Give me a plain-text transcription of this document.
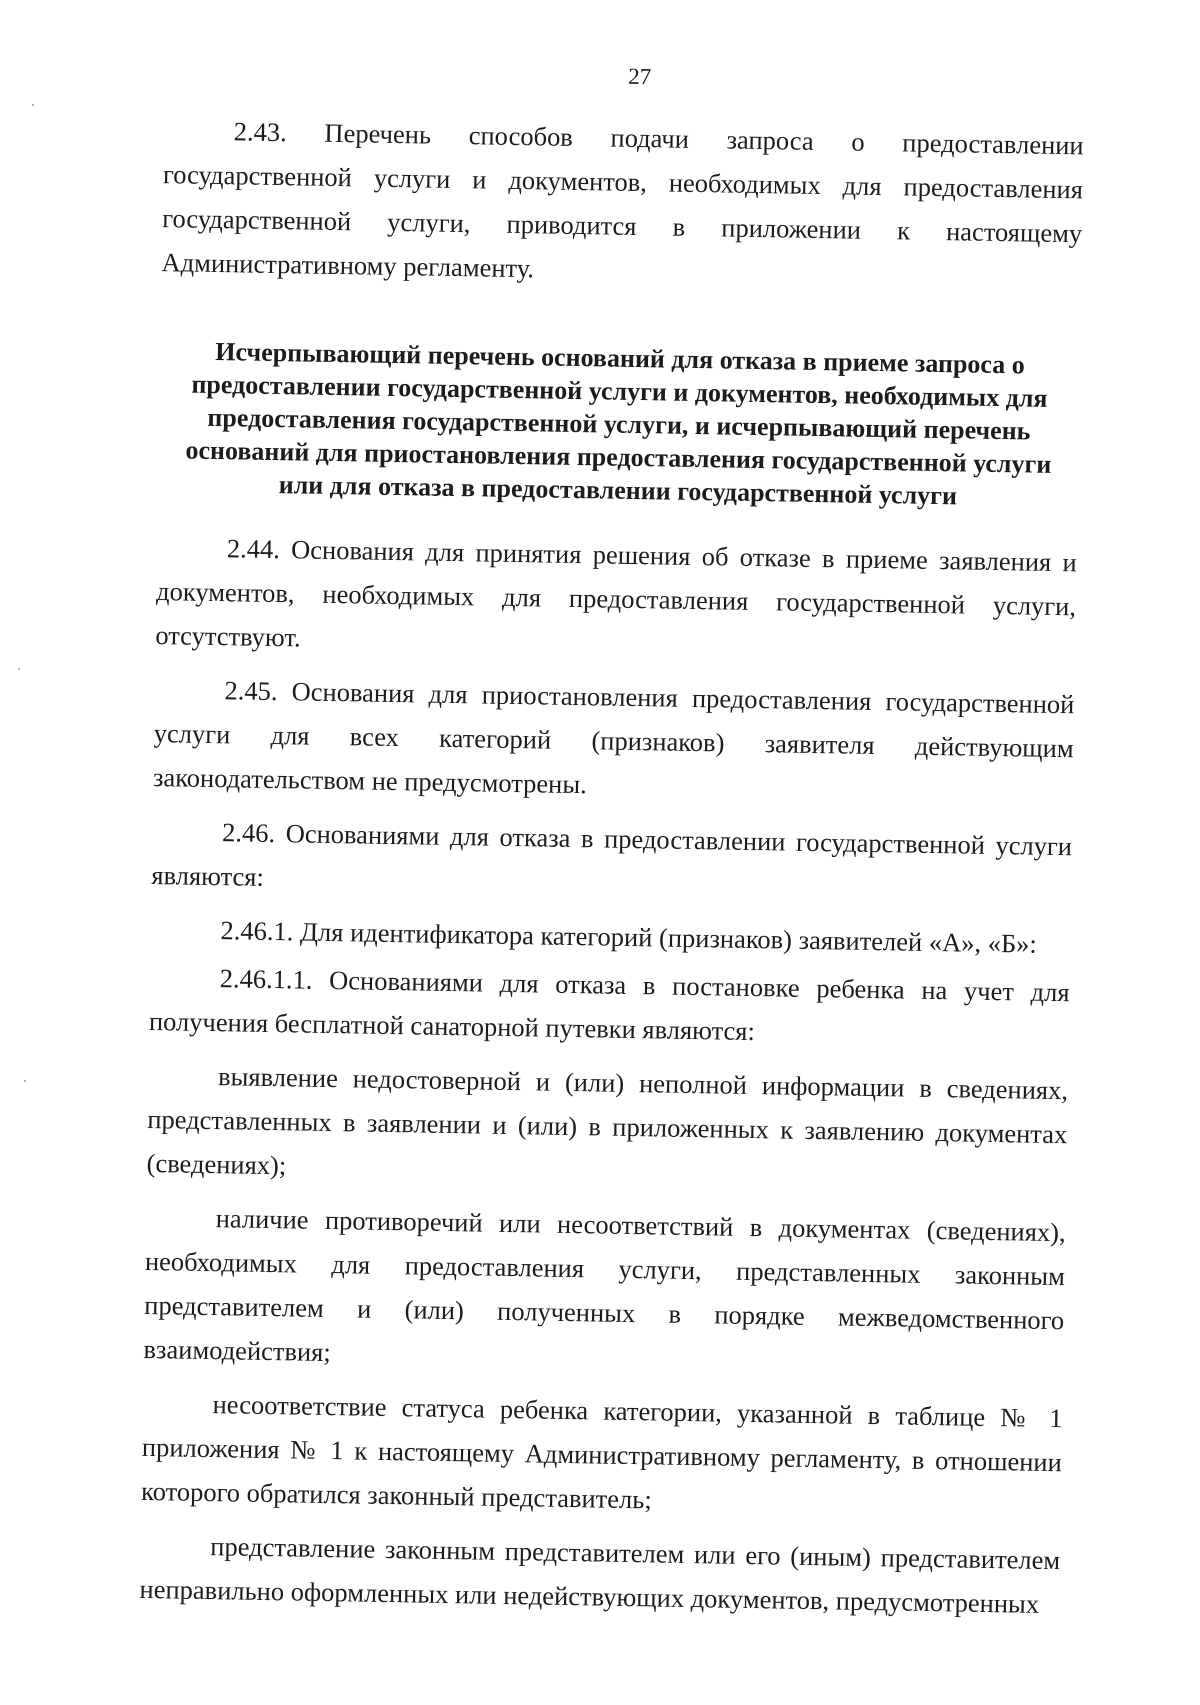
27

2.43. Перечень способов подачи запроса о предоставлении государственной услуги и документов, необходимых для предоставления государственной услуги, приводится в приложении к настоящему Административному регламенту.

Исчерпывающий перечень оснований для отказа в приеме запроса о предоставлении государственной услуги и документов, необходимых для предоставления государственной услуги, и исчерпывающий перечень оснований для приостановления предоставления государственной услуги или для отказа в предоставлении государственной услуги

2.44. Основания для принятия решения об отказе в приеме заявления и документов, необходимых для предоставления государственной услуги, отсутствуют.

2.45. Основания для приостановления предоставления государственной услуги для всех категорий (признаков) заявителя действующим законодательством не предусмотрены.

2.46. Основаниями для отказа в предоставлении государственной услуги являются:

2.46.1. Для идентификатора категорий (признаков) заявителей «А», «Б»:

2.46.1.1. Основаниями для отказа в постановке ребенка на учет для получения бесплатной санаторной путевки являются:

выявление недостоверной и (или) неполной информации в сведениях, представленных в заявлении и (или) в приложенных к заявлению документах (сведениях);

наличие противоречий или несоответствий в документах (сведениях), необходимых для предоставления услуги, представленных законным представителем и (или) полученных в порядке межведомственного взаимодействия;

несоответствие статуса ребенка категории, указанной в таблице № 1 приложения № 1 к настоящему Административному регламенту, в отношении которого обратился законный представитель;

представление законным представителем или его (иным) представителем неправильно оформленных или недействующих документов, предусмотренных
